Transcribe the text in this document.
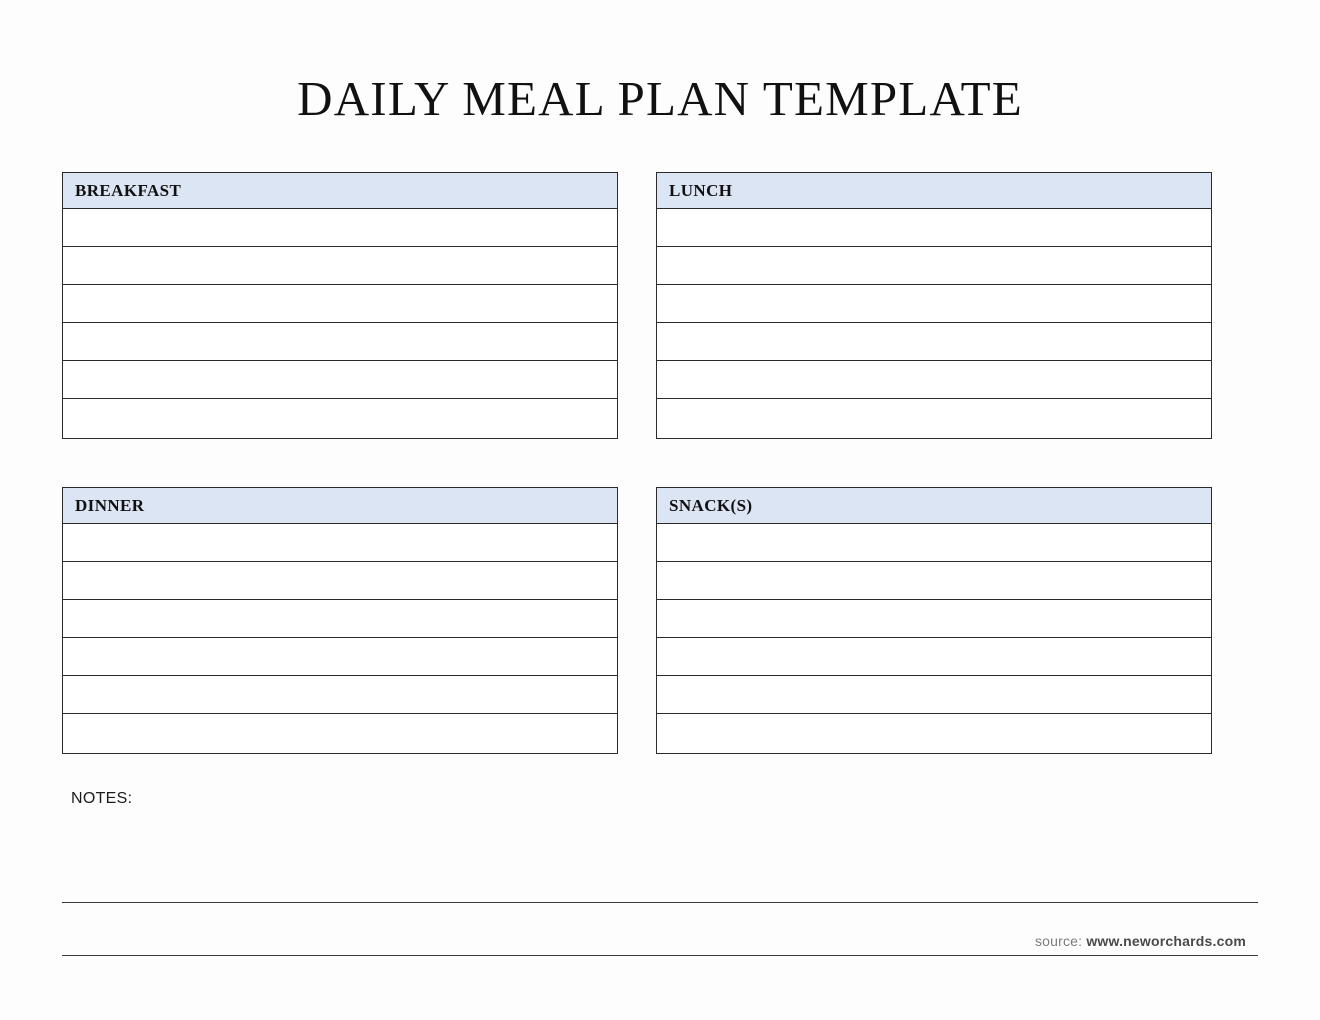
DAILY MEAL PLAN TEMPLATE
BREAKFAST	LUNCH
DINNER	SNACK(S)
NOTES:
source: www.neworchards.com
